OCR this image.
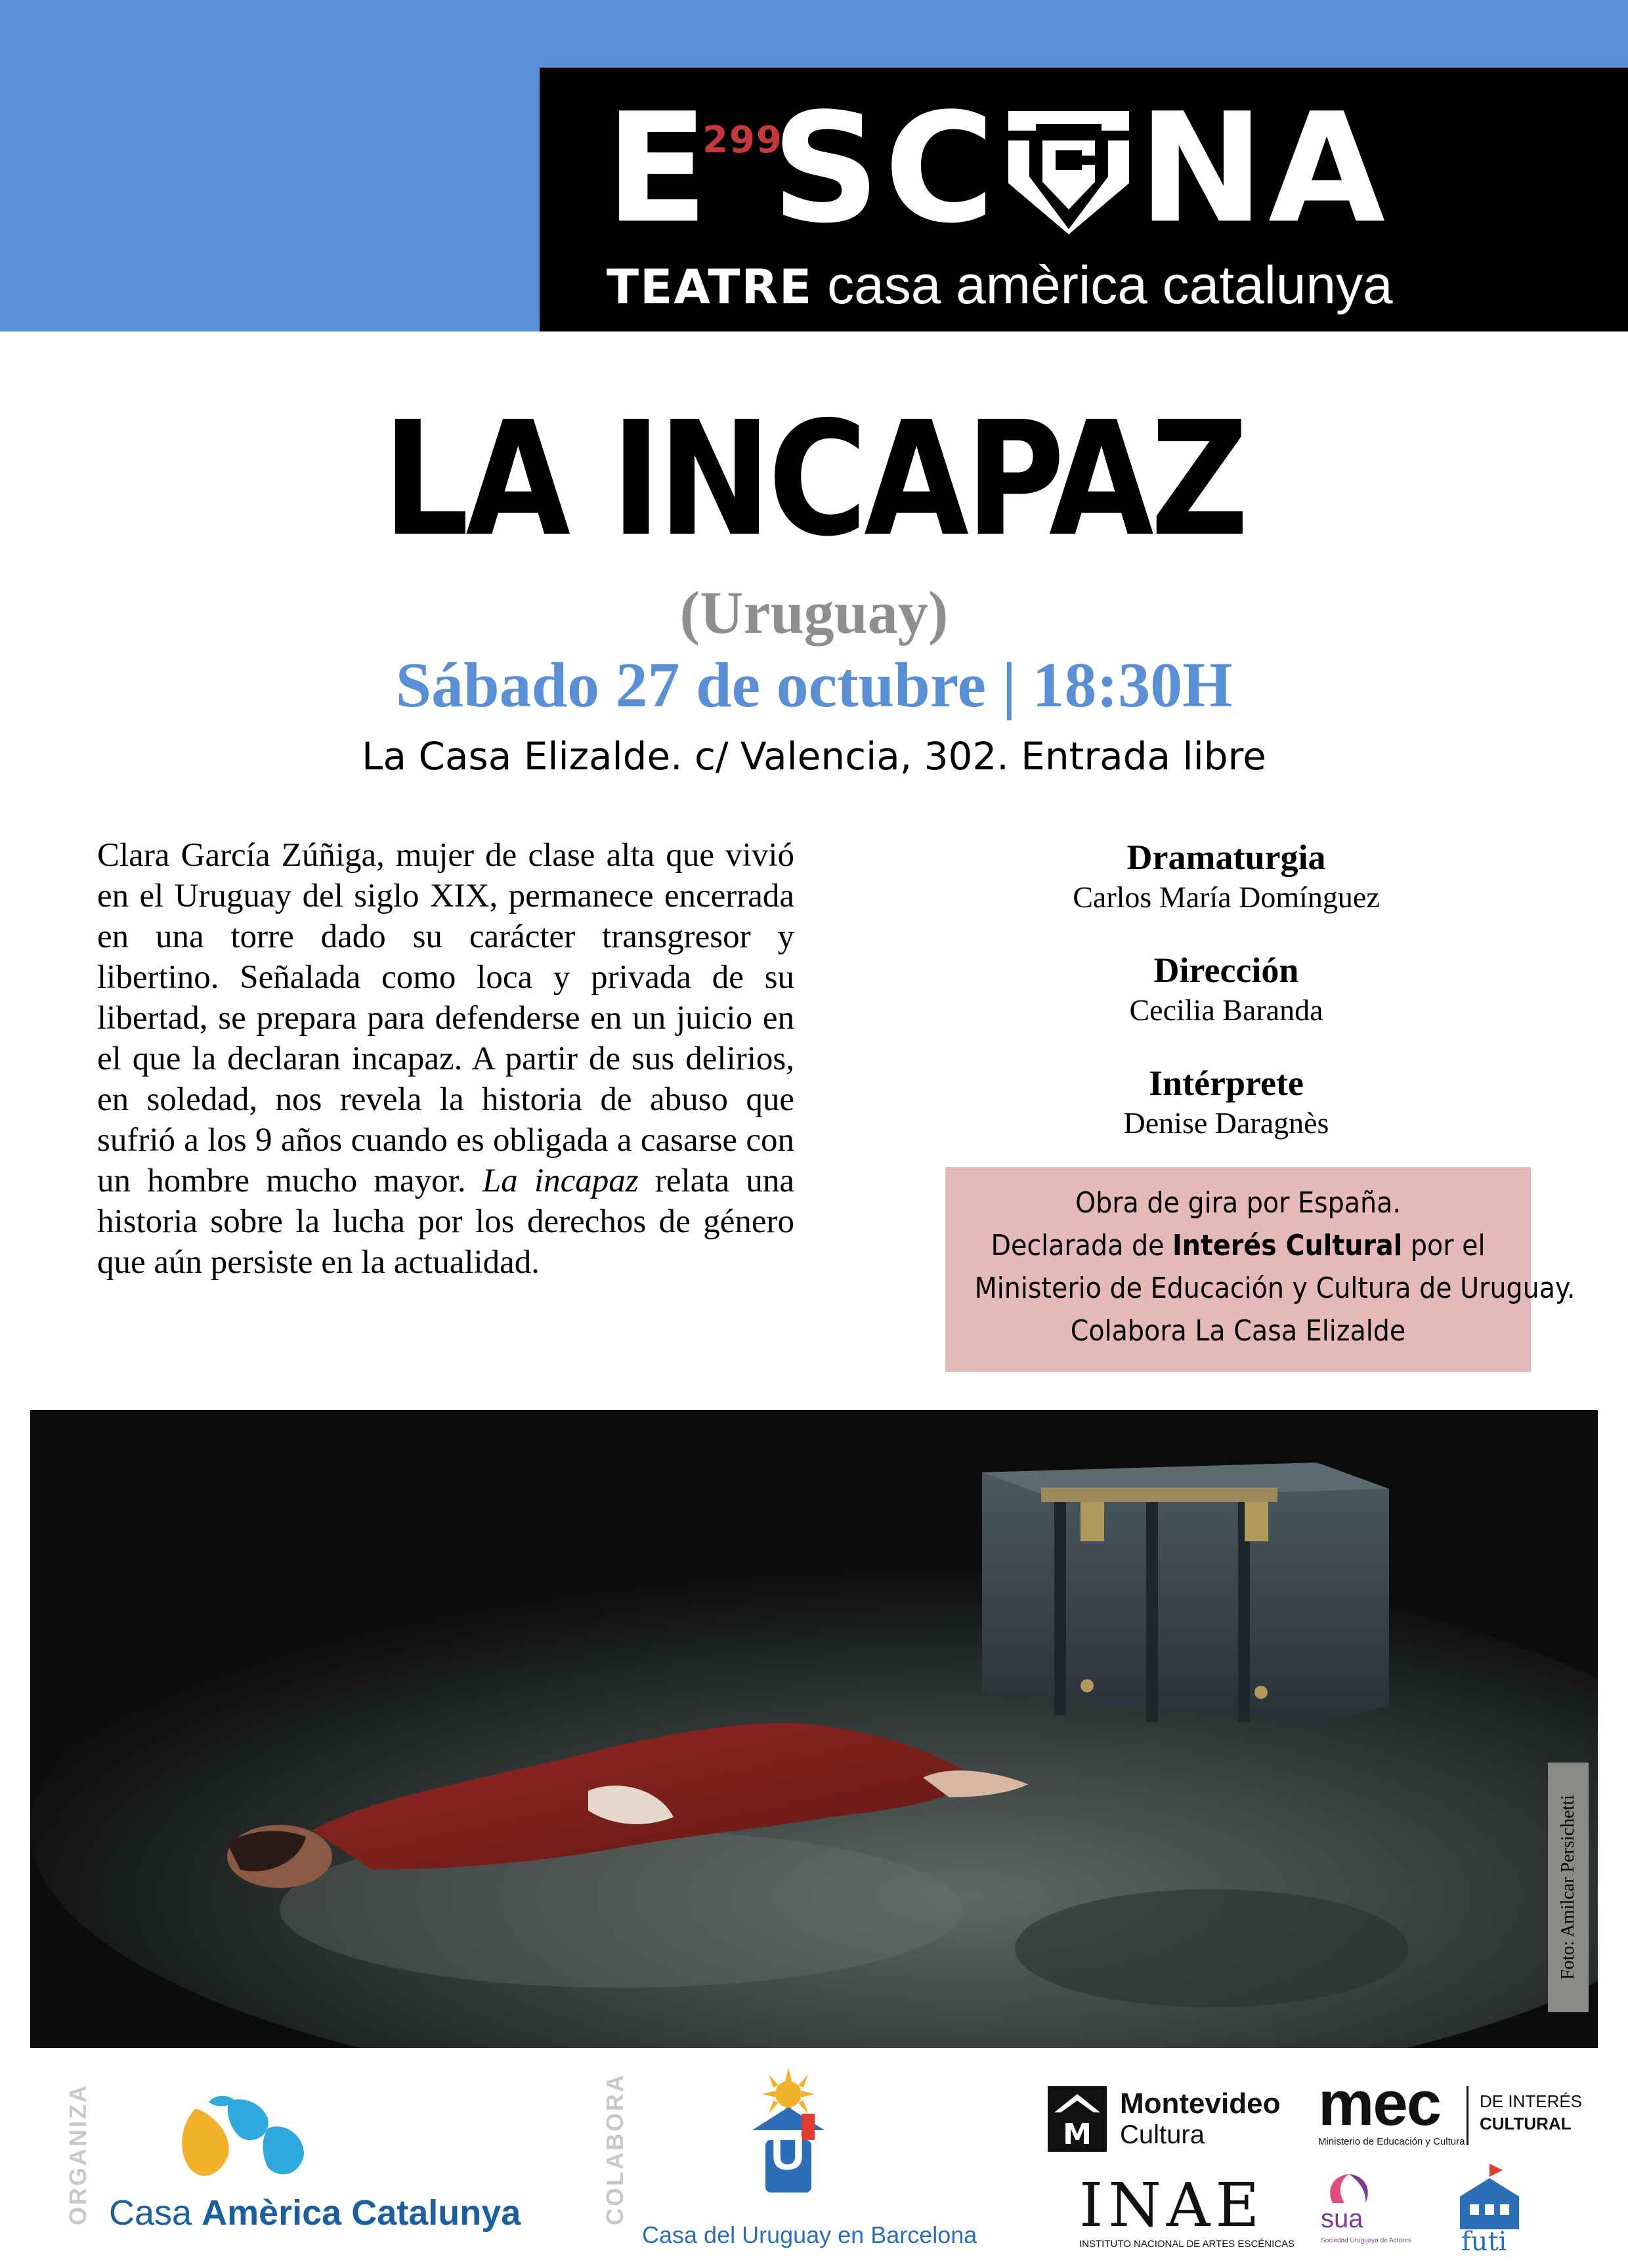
E SC NA
299
TEATRE casa amèrica catalunya
LA INCAPAZ
(Uruguay)
Sábado 27 de octubre | 18:30H
La Casa Elizalde. c/ Valencia, 302. Entrada libre
Clara García Zúñiga, mujer de clase alta que vivió en el Uruguay del siglo XIX, permanece encerrada en una torre dado su carácter transgresor y libertino. Señalada como loca y privada de su libertad, se prepara para defenderse en un juicio en el que la declaran incapaz. A partir de sus delirios, en soledad, nos revela la historia de abuso que sufrió a los 9 años cuando es obligada a casarse con un hombre mucho mayor. La incapaz relata una historia sobre la lucha por los derechos de género que aún persiste en la actualidad.
Dramaturgia
Carlos María Domínguez
Dirección
Cecilia Baranda
Intérprete
Denise Daragnès
Obra de gira por España.
Declarada de Interés Cultural por el
Ministerio de Educación y Cultura de Uruguay.
Colabora La Casa Elizalde
Foto: Amilcar Persichetti
ORGANIZA Casa Amèrica Catalunya	COLABORA	U
Casa del Uruguay en Barcelona
M
Montevideo
Cultura mec
Ministerio de Educación y Cultura
DE INTERÉS
CULTURAL
INAE
INSTITUTO NACIONAL DE ARTES ESCÉNICAS
sua
Sociedad Uruguaya de Actores futi
